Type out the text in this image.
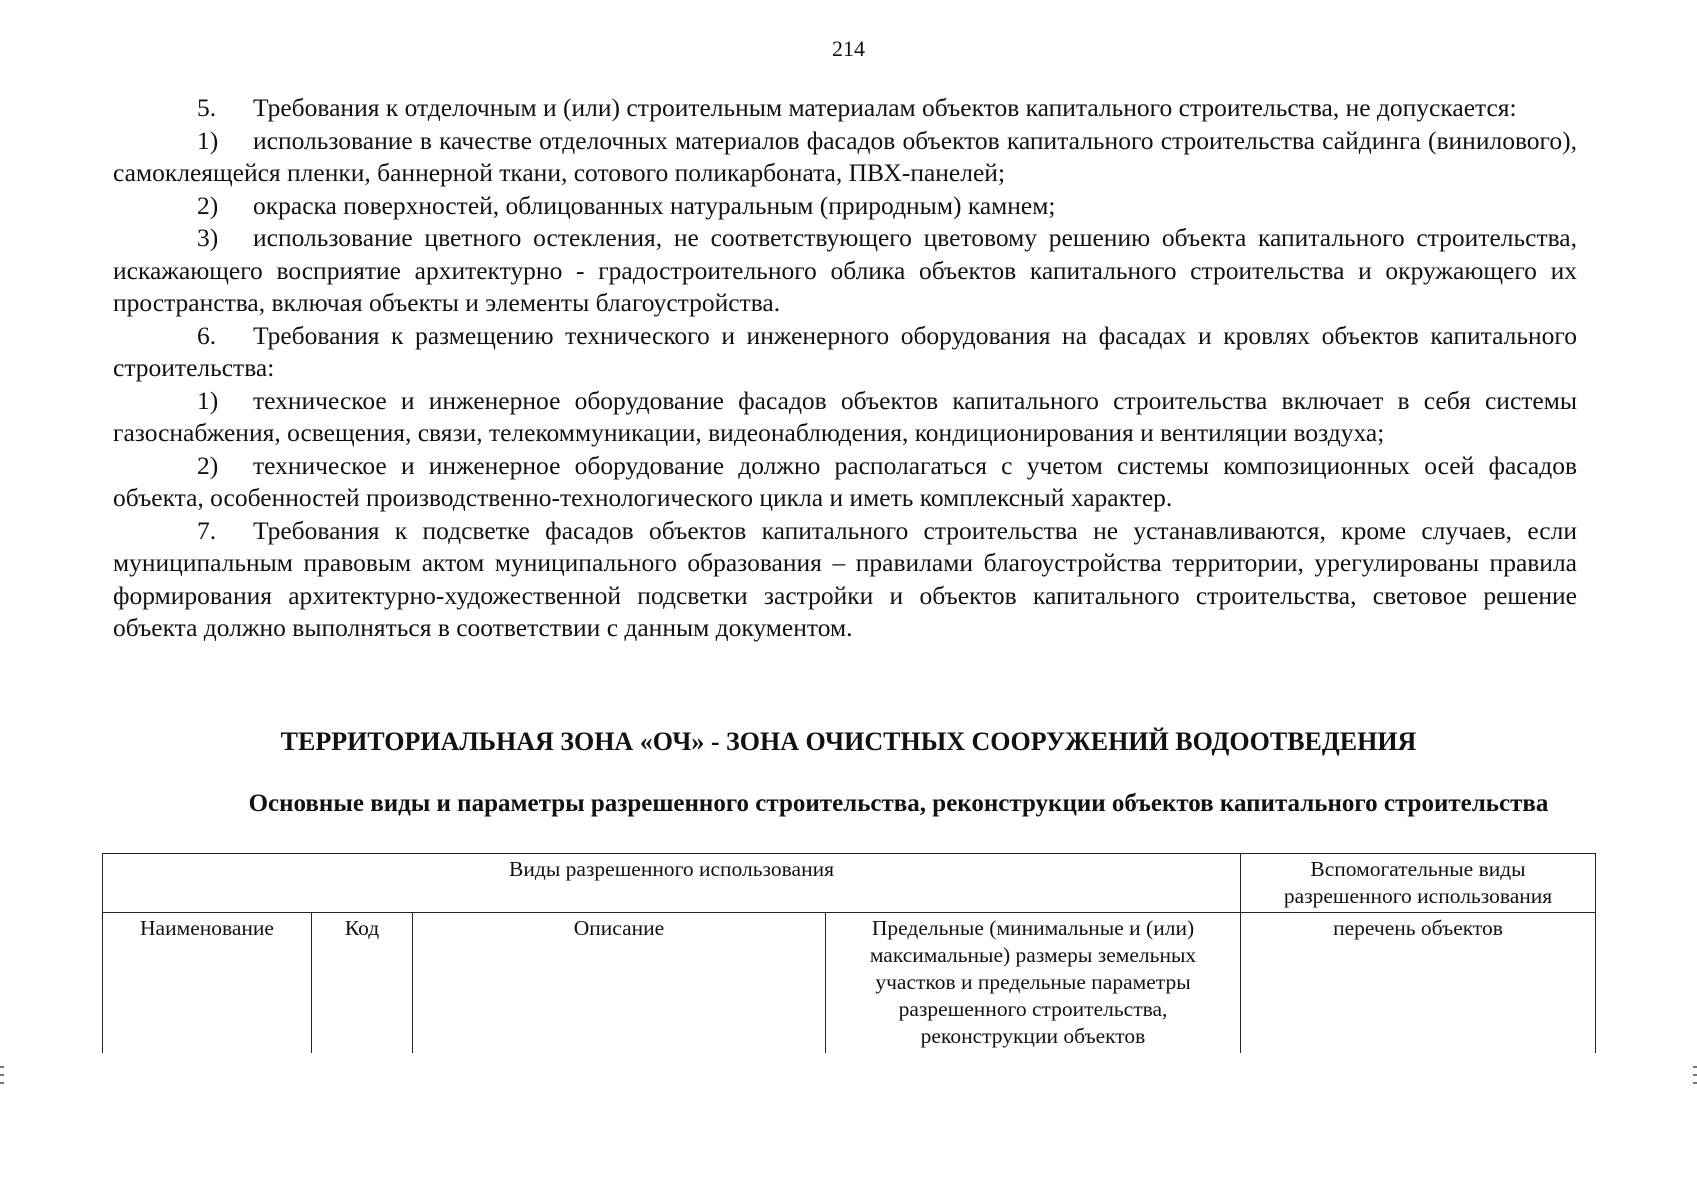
214

5. Требования к отделочным и (или) строительным материалам объектов капитального строительства, не допускается:

1) использование в качестве отделочных материалов фасадов объектов капитального строительства сайдинга (винилового), самоклеящейся пленки, баннерной ткани, сотового поликарбоната, ПВХ-панелей;

2) окраска поверхностей, облицованных натуральным (природным) камнем;

3) использование цветного остекления, не соответствующего цветовому решению объекта капитального строительства, искажающего восприятие архитектурно - градостроительного облика объектов капитального строительства и окружающего их пространства, включая объекты и элементы благоустройства.

6. Требования к размещению технического и инженерного оборудования на фасадах и кровлях объектов капитального строительства:

1) техническое и инженерное оборудование фасадов объектов капитального строительства включает в себя системы газоснабжения, освещения, связи, телекоммуникации, видеонаблюдения, кондиционирования и вентиляции воздуха;

2) техническое и инженерное оборудование должно располагаться с учетом системы композиционных осей фасадов объекта, особенностей производственно-технологического цикла и иметь комплексный характер.

7. Требования к подсветке фасадов объектов капитального строительства не устанавливаются, кроме случаев, если муниципальным правовым актом муниципального образования – правилами благоустройства территории, урегулированы правила формирования архитектурно-художественной подсветки застройки и объектов капитального строительства, световое решение объекта должно выполняться в соответствии с данным документом.

ТЕРРИТОРИАЛЬНАЯ ЗОНА «ОЧ» - ЗОНА ОЧИСТНЫХ СООРУЖЕНИЙ ВОДООТВЕДЕНИЯ
Основные виды и параметры разрешенного строительства, реконструкции объектов капитального строительства
Виды разрешенного использования				Вспомогательные виды разрешенного использования
Наименование	Код	Описание	Предельные (минимальные и (или) максимальные) размеры земельных участков и предельные параметры разрешенного строительства, реконструкции объектов	перечень объектов
